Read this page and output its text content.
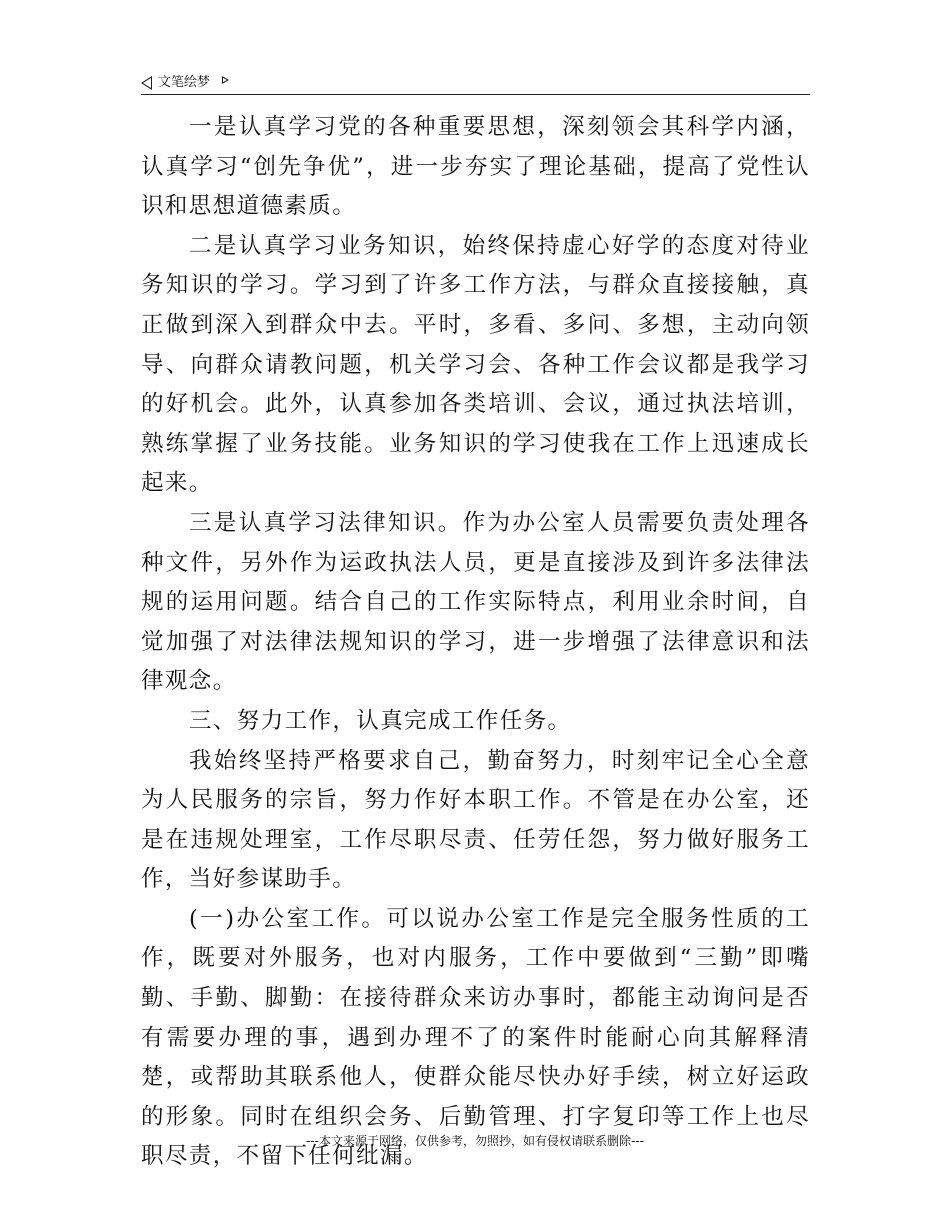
文笔绘梦

一是认真学习党的各种重要思想，深刻领会其科学内涵，认真学习“创先争优”，进一步夯实了理论基础，提高了党性认识和思想道德素质。

二是认真学习业务知识，始终保持虚心好学的态度对待业务知识的学习。学习到了许多工作方法，与群众直接接触，真正做到深入到群众中去。平时，多看、多问、多想，主动向领导、向群众请教问题，机关学习会、各种工作会议都是我学习的好机会。此外，认真参加各类培训、会议，通过执法培训，熟练掌握了业务技能。业务知识的学习使我在工作上迅速成长起来。

三是认真学习法律知识。作为办公室人员需要负责处理各种文件，另外作为运政执法人员，更是直接涉及到许多法律法规的运用问题。结合自己的工作实际特点，利用业余时间，自觉加强了对法律法规知识的学习，进一步增强了法律意识和法律观念。

三、努力工作，认真完成工作任务。

我始终坚持严格要求自己，勤奋努力，时刻牢记全心全意为人民服务的宗旨，努力作好本职工作。不管是在办公室，还是在违规处理室，工作尽职尽责、任劳任怨，努力做好服务工作，当好参谋助手。

(一)办公室工作。可以说办公室工作是完全服务性质的工作，既要对外服务，也对内服务，工作中要做到“三勤”即嘴勤、手勤、脚勤：在接待群众来访办事时，都能主动询问是否有需要办理的事，遇到办理不了的案件时能耐心向其解释清楚，或帮助其联系他人，使群众能尽快办好手续，树立好运政的形象。同时在组织会务、后勤管理、打字复印等工作上也尽职尽责，不留下任何纰漏。

---本文来源于网络，仅供参考，勿照抄，如有侵权请联系删除---
